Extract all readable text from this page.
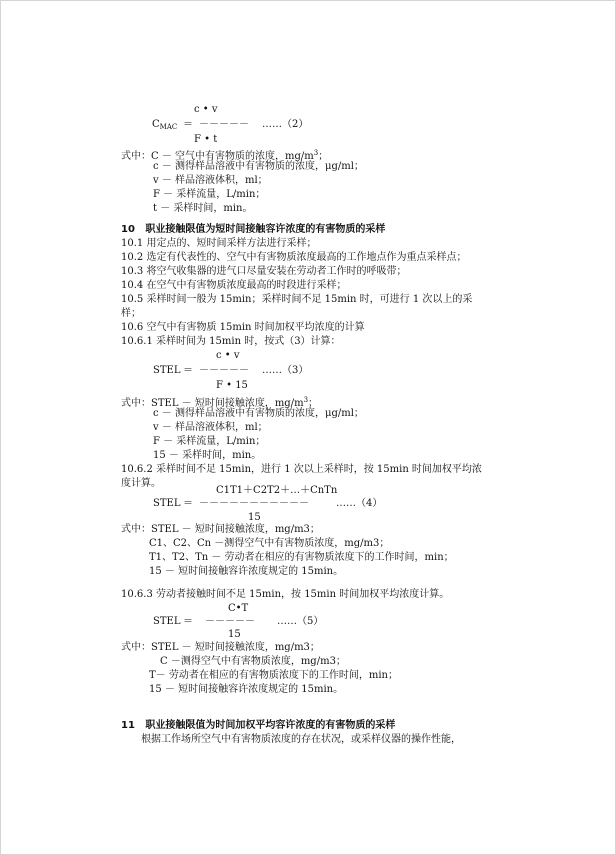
c • v
$C_{MAC}$ ＝ －－－－－ ……（2）
F • t
式中：C － 空气中有害物质的浓度，$mg/m^3$；
c － 测得样品溶液中有害物质的浓度，μg/ml；
v － 样品溶液体积，ml；
F － 采样流量，L/min；
t － 采样时间，min。
10 职业接触限值为短时间接触容许浓度的有害物质的采样
10.1 用定点的、短时间采样方法进行采样；
10.2 选定有代表性的、空气中有害物质浓度最高的工作地点作为重点采样点；
10.3 将空气收集器的进气口尽量安装在劳动者工作时的呼吸带；
10.4 在空气中有害物质浓度最高的时段进行采样；
10.5 采样时间一般为 15min；采样时间不足 15min 时，可进行 1 次以上的采
样；
10.6 空气中有害物质 15min 时间加权平均浓度的计算
10.6.1 采样时间为 15min 时，按式（3）计算：
c • v
STEL ＝ －－－－－ ……（3）
F • 15
式中：STEL － 短时间接触浓度，$mg/m^3$；
c － 测得样品溶液中有害物质的浓度，μg/ml；
v － 样品溶液体积，ml；
F － 采样流量，L/min；
15 － 采样时间，min。
10.6.2 采样时间不足 15min，进行 1 次以上采样时，按 15min 时间加权平均浓
度计算。
C1T1＋C2T2＋…＋CnTn
STEL ＝ －－－－－－－－－－－	……（4）
15
式中：STEL － 短时间接触浓度，mg/m3；
C1、C2、Cn －测得空气中有害物质浓度，mg/m3；
T1、T2、Tn － 劳动者在相应的有害物质浓度下的工作时间，min；
15 － 短时间接触容许浓度规定的 15min。
10.6.3 劳动者接触时间不足 15min，按 15min 时间加权平均浓度计算。
C•T
STEL ＝ －－－－－ ……（5）
15
式中：STEL － 短时间接触浓度，mg/m3；
C －测得空气中有害物质浓度，mg/m3；
T－ 劳动者在相应的有害物质浓度下的工作时间，min；
15 － 短时间接触容许浓度规定的 15min。
11 职业接触限值为时间加权平均容许浓度的有害物质的采样
根据工作场所空气中有害物质浓度的存在状况，或采样仪器的操作性能，
